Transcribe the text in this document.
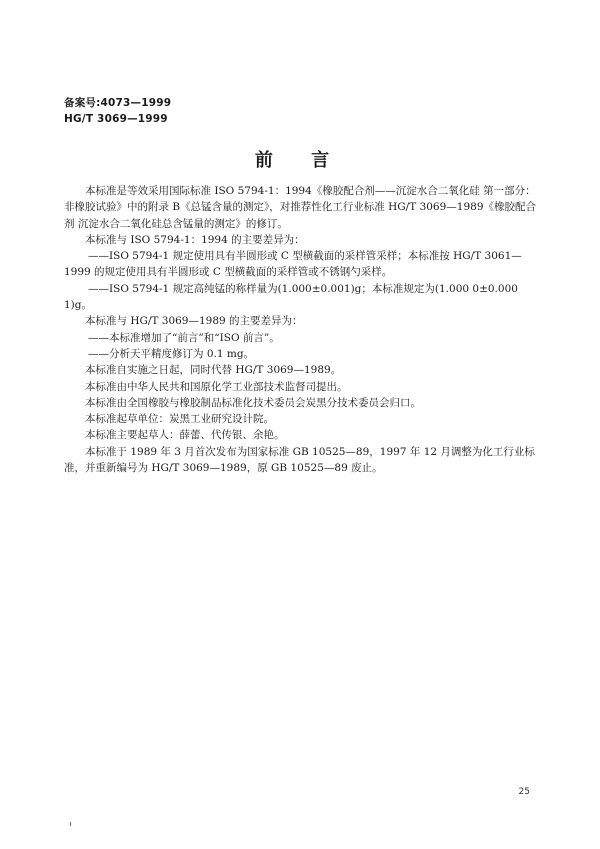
备案号:4073—1999
HG/T 3069—1999
前 言

本标准是等效采用国际标准 ISO 5794-1：1994《橡胶配合剂——沉淀水合二氧化硅 第一部分：非橡胶试验》中的附录 B《总锰含量的测定》，对推荐性化工行业标准 HG/T 3069—1989《橡胶配合剂 沉淀水合二氧化硅总含锰量的测定》的修订。

本标准与 ISO 5794-1：1994 的主要差异为：

——ISO 5794-1 规定使用具有半圆形或 C 型横截面的采样管采样；本标准按 HG/T 3061—1999 的规定使用具有半圆形或 C 型横截面的采样管或不锈钢勺采样。

——ISO 5794-1 规定高纯锰的称样量为(1.000±0.001)g；本标准规定为(1.000 0±0.000 1)g。

本标准与 HG/T 3069—1989 的主要差异为：

——本标准增加了“前言”和“ISO 前言”。

——分析天平精度修订为 0.1 mg。

本标准自实施之日起，同时代替 HG/T 3069—1989。

本标准由中华人民共和国原化学工业部技术监督司提出。

本标准由全国橡胶与橡胶制品标准化技术委员会炭黑分技术委员会归口。

本标准起草单位：炭黑工业研究设计院。

本标准主要起草人：薛蕾、代传银、余艳。

本标准于 1989 年 3 月首次发布为国家标准 GB 10525—89，1997 年 12 月调整为化工行业标准，并重新编号为 HG/T 3069—1989，原 GB 10525—89 废止。

25
